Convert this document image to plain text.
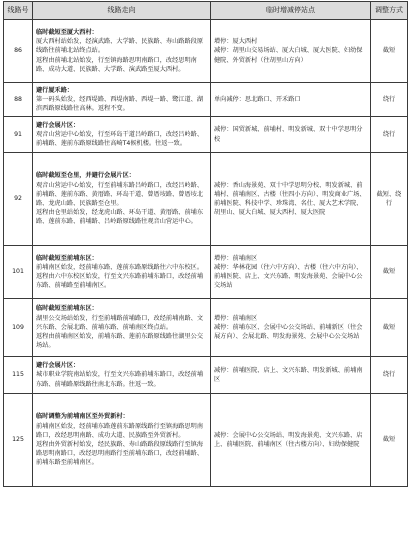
线路号	线路走向	临时增减停站点	调整方式
86	临时截短至厦大西村：
厦大西村站始发，经演武路、大学路、民族路、寿山路路段原线路往前埔北站终点站。
返程由前埔北站始发，行至镇海路思明南路口，改经思明南路、成功大道、民族路、大学路、演武路至厦大西村。	增停：厦大西村
减停：胡里山交易场站、厦大白城、厦大医院、妇幼保健院、外贸新村（往胡里山方向）	截短
88	避行厦禾路：
第一码头始发，经西堤路、西堤南路、西堤一路、鹭江道、湖滨西路原线路往高林。返程不变。	单向减停：思北路口、开禾路口	绕行
91	避行会展片区：
观音山营运中心始发，行至环岛干道吕岭路口，改经吕岭路、前埔路、莲前东路原线路往高崎T4候机楼。往返一致。	减停：国贸新城、前埔村、明发新城、双十中学思明分校	绕行
92	临时截短至仓里，并避行会展片区：
观音山营运中心始发，行至前埔东路吕岭路口，改经吕岭路、前埔路、莲前东路、黄厝路、环岛干道、曾厝垵路、曾厝垵北路、龙虎山路、民族路至仓里。
返程由仓里站始发，经龙虎山路、环岛干道、黄厝路、前埔东路、莲前东路、前埔路、吕岭路原线路往观音山营运中心。	减停：香山海景苑、双十中学思明分校、明发新城、前埔村、前埔南区、古楼（往四小方向）、明发商业广场、前埔医院、科技中学、珍珠湾、名仕、厦大艺术学院、胡里山、厦大白城、厦大西村、厦大医院	截短、绕行
101	临时截短至前埔东区：
前埔南区始发，经前埔东路、莲前东路原线路往六中东校区。
返程由六中东校区始发，行至文兴东路前埔东路口，改经前埔东路、前埔路至前埔南区。	增停：前埔南区
减停：华林花园（往六中方向）、古楼（往六中方向）、前埔医院、店上、文兴东路、明发海景苑、会展中心公交场站	截短
109	临时截短至前埔东区：
湖里公交场站始发，行至前埔路前埔路口，改经前埔南路、文兴东路、会展北路、前埔东路、前埔南区终点站。
返程由前埔南区始发，前埔东路、莲前东路原线路往湖里公交场站。	增停：前埔南区
减停：前埔东区、会展中心公交场站、前埔新区（往会展方向）、会展北路、明发海景苑、会展中心公交场站	截短
115	避行会展片区：
城市职业学院南站始发，行至文兴东路前埔东路口，改经前埔东路、前埔路原线路往南北东路。往返一致。	减停：前埔医院、店上、文兴东路、明发新城、前埔南区	绕行
125	临时调整为前埔南区至外贸新村：
前埔南区始发，经前埔东路莲前东路原线路行至镇海路思明南路口，改经思明南路、成功大道、民族路至外贸新村。
返程由外贸新村始发，经民族路、寿山路路段原线路行至镇海路思明南路口，改经思明南路行至前埔东路口，改经前埔路、前埔东路至前埔南区。	减停：会展中心公交场站、明发海景苑、文兴东路、店上、前埔医院、前埔南区（往古楼方向）、妇幼保健院	截短
